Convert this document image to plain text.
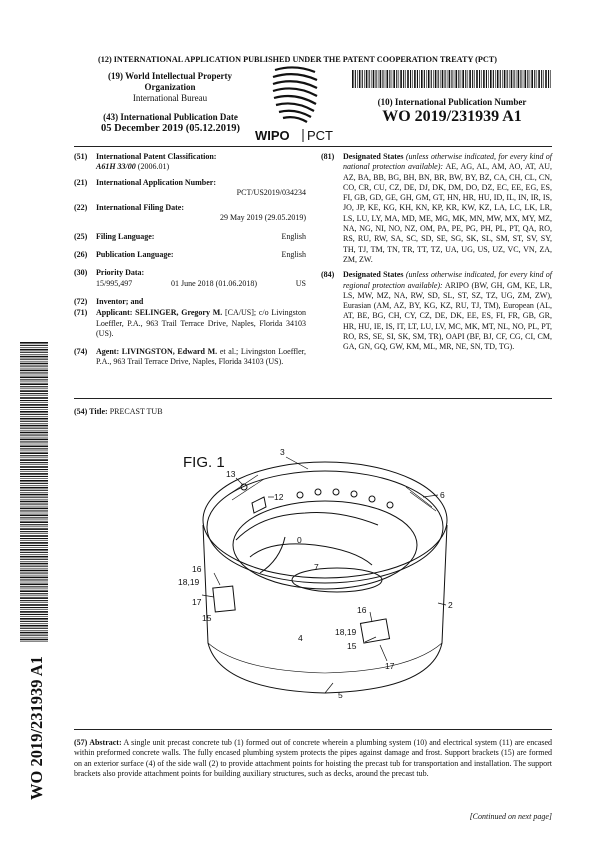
(12) INTERNATIONAL APPLICATION PUBLISHED UNDER THE PATENT COOPERATION TREATY (PCT)
(19) World Intellectual Property
Organization
International Bureau
(43) International Publication Date
05 December 2019 (05.12.2019)	WIPO PCT
(10) International Publication Number
WO 2019/231939 A1
(51) International Patent Classification:
A61H 33/00 (2006.01)
(21) International Application Number:
PCT/US2019/034234
(22) International Filing Date:
29 May 2019 (29.05.2019)
(25) Filing Language:	English
(26) Publication Language:	English
(30) Priority Data:
15/995,497	01 June 2018 (01.06.2018)	US
(72) Inventor; and
(71) Applicant: SELINGER, Gregory M. [CA/US]; c/o Livingston Loeffler, P.A., 963 Trail Terrace Drive, Naples, Florida 34103 (US).
(74) Agent: LIVINGSTON, Edward M. et al.; Livingston Loeffler, P.A., 963 Trail Terrace Drive, Naples, Florida 34103 (US).
(81) Designated States (unless otherwise indicated, for every kind of national protection available): AE, AG, AL, AM, AO, AT, AU, AZ, BA, BB, BG, BH, BN, BR, BW, BY, BZ, CA, CH, CL, CN, CO, CR, CU, CZ, DE, DJ, DK, DM, DO, DZ, EC, EE, EG, ES, FI, GB, GD, GE, GH, GM, GT, HN, HR, HU, ID, IL, IN, IR, IS, JO, JP, KE, KG, KH, KN, KP, KR, KW, KZ, LA, LC, LK, LR, LS, LU, LY, MA, MD, ME, MG, MK, MN, MW, MX, MY, MZ, NA, NG, NI, NO, NZ, OM, PA, PE, PG, PH, PL, PT, QA, RO, RS, RU, RW, SA, SC, SD, SE, SG, SK, SL, SM, ST, SV, SY, TH, TJ, TM, TN, TR, TT, TZ, UA, UG, US, UZ, VC, VN, ZA, ZM, ZW.
(84) Designated States (unless otherwise indicated, for every kind of regional protection available): ARIPO (BW, GH, GM, KE, LR, LS, MW, MZ, NA, RW, SD, SL, ST, SZ, TZ, UG, ZM, ZW), Eurasian (AM, AZ, BY, KG, KZ, RU, TJ, TM), European (AL, AT, BE, BG, CH, CY, CZ, DE, DK, EE, ES, FI, FR, GB, GR, HR, HU, IE, IS, IT, LT, LU, LV, MC, MK, MT, NL, NO, PL, PT, RO, RS, SE, SI, SK, SM, TR), OAPI (BF, BJ, CF, CG, CI, CM, GA, GN, GQ, GW, KM, ML, MR, NE, SN, TD, TG).
WO 2019/231939 A1
(54) Title: PRECAST TUB
FIG. 1
3
13
12	6
0
7
16
18,19
17
15
2
4
16
18,19
15
17
5
(57) Abstract: A single unit precast concrete tub (1) formed out of concrete wherein a plumbing system (10) and electrical system (11) are encased within preformed concrete walls. The fully encased plumbing system protects the pipes against damage and frost. Support brackets (15) are formed on an exterior surface (4) of the side wall (2) to provide attachment points for hoisting the precast tub for transportation and installation. The support brackets also provide attachment points for building auxiliary structures, such as decks, around the precast tub.
[Continued on next page]
